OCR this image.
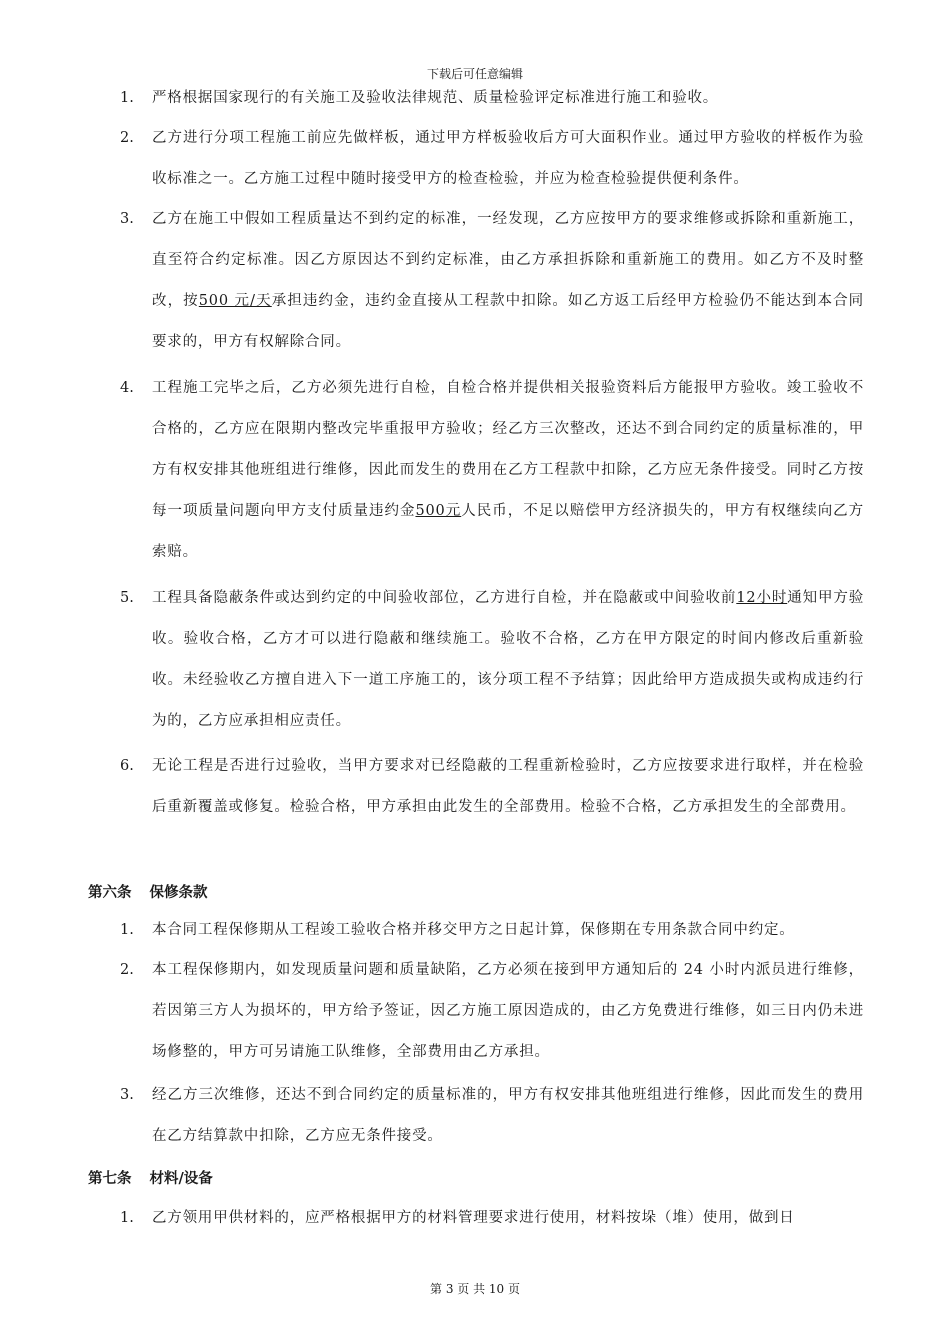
下载后可任意编辑
1. 严格根据国家现行的有关施工及验收法律规范、质量检验评定标准进行施工和验收。

2. 乙方进行分项工程施工前应先做样板，通过甲方样板验收后方可大面积作业。通过甲方验收的样板作为验收标准之一。乙方施工过程中随时接受甲方的检查检验，并应为检查检验提供便利条件。

3. 乙方在施工中假如工程质量达不到约定的标准，一经发现，乙方应按甲方的要求维修或拆除和重新施工，直至符合约定标准。因乙方原因达不到约定标准，由乙方承担拆除和重新施工的费用。如乙方不及时整改，按500 元/天承担违约金，违约金直接从工程款中扣除。如乙方返工后经甲方检验仍不能达到本合同要求的，甲方有权解除合同。

4. 工程施工完毕之后，乙方必须先进行自检，自检合格并提供相关报验资料后方能报甲方验收。竣工验收不合格的，乙方应在限期内整改完毕重报甲方验收；经乙方三次整改，还达不到合同约定的质量标准的，甲方有权安排其他班组进行维修，因此而发生的费用在乙方工程款中扣除，乙方应无条件接受。同时乙方按每一项质量问题向甲方支付质量违约金500元人民币，不足以赔偿甲方经济损失的，甲方有权继续向乙方索赔。

5. 工程具备隐蔽条件或达到约定的中间验收部位，乙方进行自检，并在隐蔽或中间验收前12小时通知甲方验收。验收合格，乙方才可以进行隐蔽和继续施工。验收不合格，乙方在甲方限定的时间内修改后重新验收。未经验收乙方擅自进入下一道工序施工的，该分项工程不予结算；因此给甲方造成损失或构成违约行为的，乙方应承担相应责任。

6. 无论工程是否进行过验收，当甲方要求对已经隐蔽的工程重新检验时，乙方应按要求进行取样，并在检验后重新覆盖或修复。检验合格，甲方承担由此发生的全部费用。检验不合格，乙方承担发生的全部费用。

第六条 保修条款

1. 本合同工程保修期从工程竣工验收合格并移交甲方之日起计算，保修期在专用条款合同中约定。

2. 本工程保修期内，如发现质量问题和质量缺陷，乙方必须在接到甲方通知后的 24 小时内派员进行维修，若因第三方人为损坏的，甲方给予签证，因乙方施工原因造成的，由乙方免费进行维修，如三日内仍未进场修整的，甲方可另请施工队维修，全部费用由乙方承担。

3. 经乙方三次维修，还达不到合同约定的质量标准的，甲方有权安排其他班组进行维修，因此而发生的费用在乙方结算款中扣除，乙方应无条件接受。

第七条 材料/设备

1. 乙方领用甲供材料的，应严格根据甲方的材料管理要求进行使用，材料按垛（堆）使用，做到日

第 3 页 共 10 页
